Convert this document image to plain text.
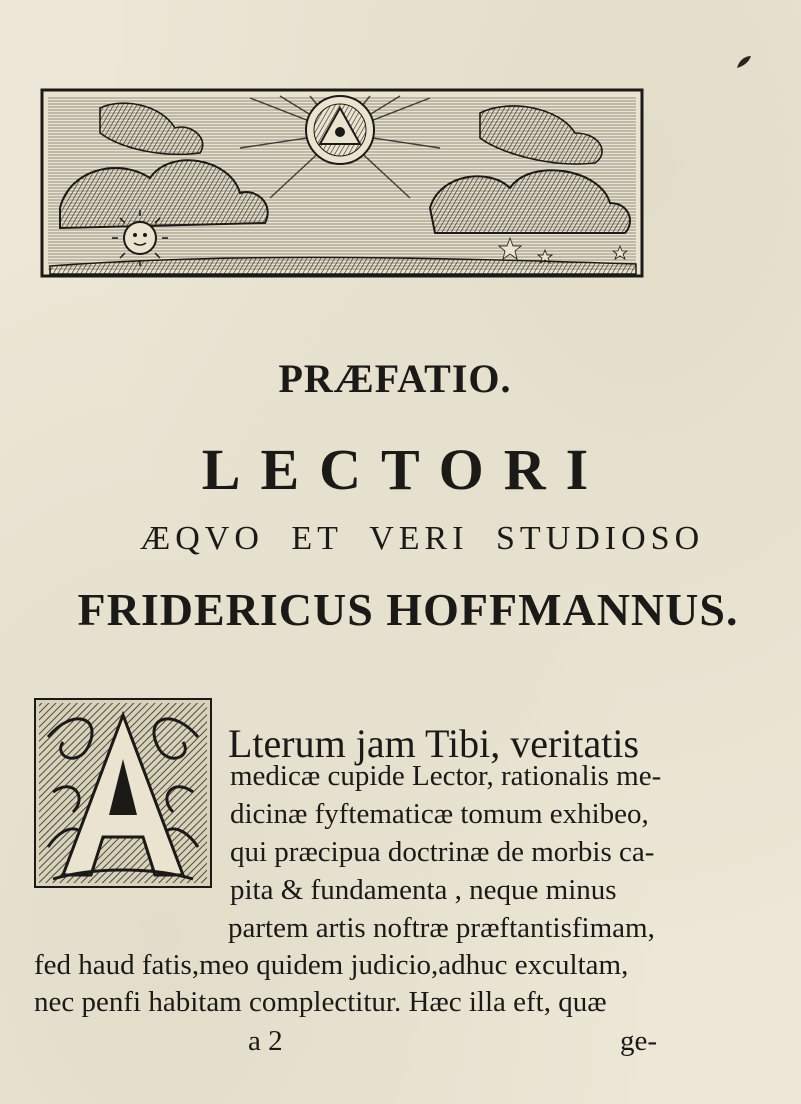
PRÆFATIO.
LECTORI
ÆQVO ET VERI STUDIOSO
FRIDERICUS HOFFMANNUS.
Lterum jam Tibi, veritatis
medicæ cupide Lector, rationalis me-
dicinæ fyftematicæ tomum exhibeo,
qui præcipua doctrinæ de morbis ca-
pita & fundamenta , neque minus
partem artis noftræ præftantisfimam,
fed haud fatis,meo quidem judicio,adhuc excultam,
nec penfi habitam complectitur. Hæc illa eft, quæ
a 2	ge-
